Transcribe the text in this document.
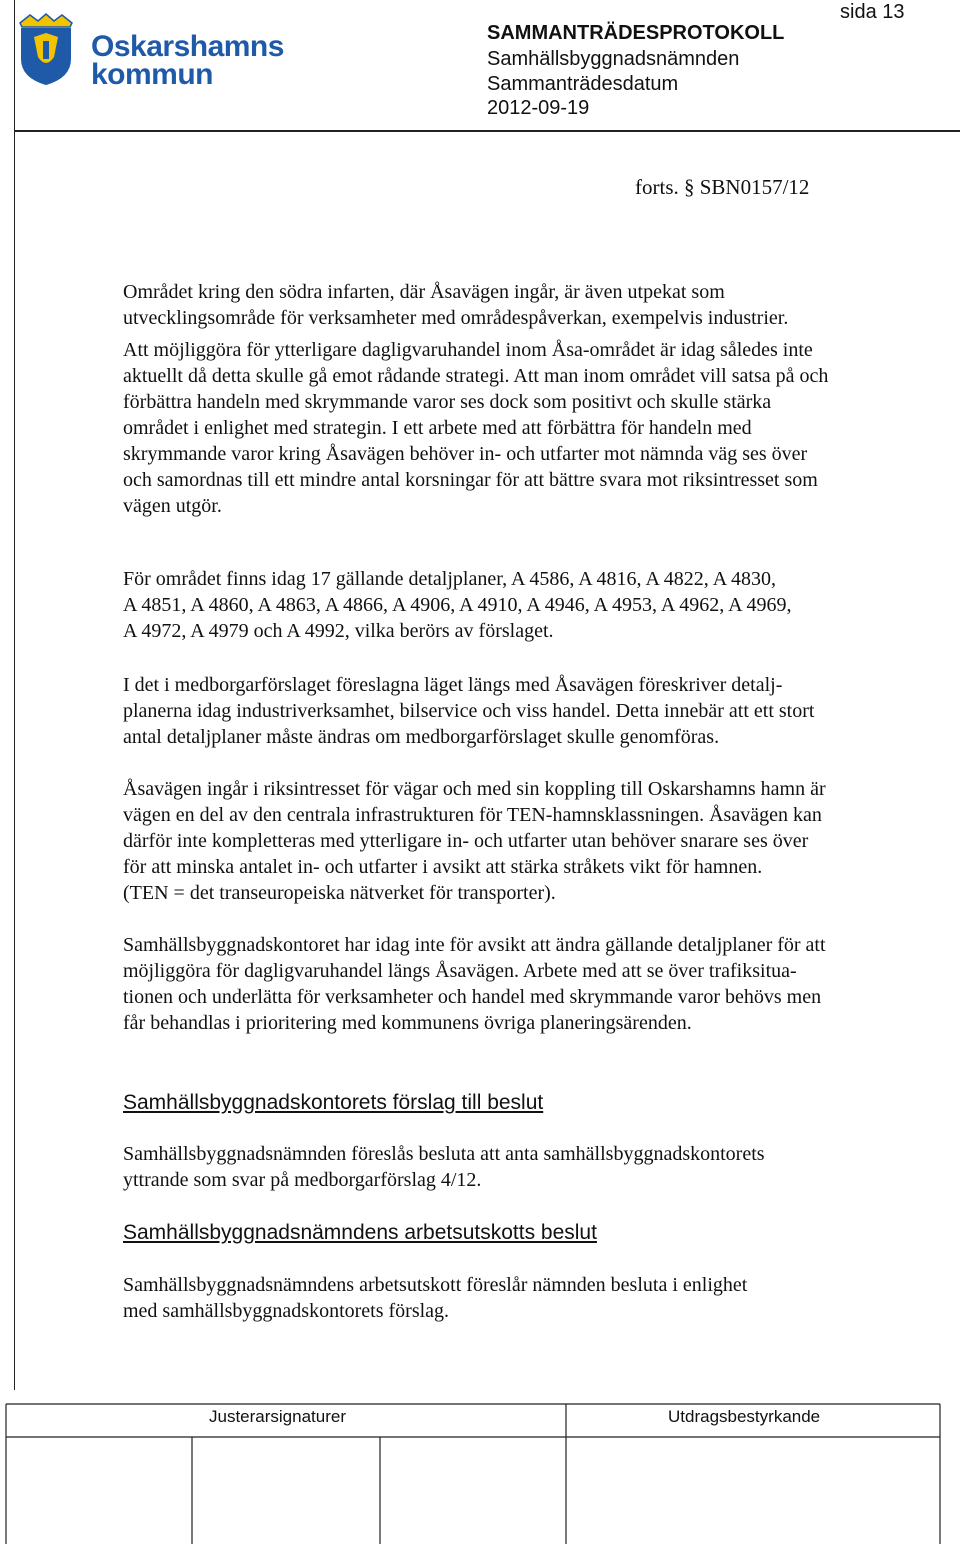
Oskarshamns
kommun
SAMMANTRÄDESPROTOKOLL
Samhällsbyggnadsnämnden
Sammanträdesdatum
2012-09-19
sida 13
forts. § SBN0157/12
Området kring den södra infarten, där Åsavägen ingår, är även utpekat som
utvecklingsområde för verksamheter med områdespåverkan, exempelvis industrier.
Att möjliggöra för ytterligare dagligvaruhandel inom Åsa-området är idag således inte
aktuellt då detta skulle gå emot rådande strategi. Att man inom området vill satsa på och
förbättra handeln med skrymmande varor ses dock som positivt och skulle stärka
området i enlighet med strategin. I ett arbete med att förbättra för handeln med
skrymmande varor kring Åsavägen behöver in- och utfarter mot nämnda väg ses över
och samordnas till ett mindre antal korsningar för att bättre svara mot riksintresset som
vägen utgör.
För området finns idag 17 gällande detaljplaner, A 4586, A 4816, A 4822, A 4830,
A 4851, A 4860, A 4863, A 4866, A 4906, A 4910, A 4946, A 4953, A 4962, A 4969,
A 4972, A 4979 och A 4992, vilka berörs av förslaget.
I det i medborgarförslaget föreslagna läget längs med Åsavägen föreskriver detalj-
planerna idag industriverksamhet, bilservice och viss handel. Detta innebär att ett stort
antal detaljplaner måste ändras om medborgarförslaget skulle genomföras.
Åsavägen ingår i riksintresset för vägar och med sin koppling till Oskarshamns hamn är
vägen en del av den centrala infrastrukturen för TEN-hamnsklassningen. Åsavägen kan
därför inte kompletteras med ytterligare in- och utfarter utan behöver snarare ses över
för att minska antalet in- och utfarter i avsikt att stärka stråkets vikt för hamnen.
(TEN = det transeuropeiska nätverket för transporter).
Samhällsbyggnadskontoret har idag inte för avsikt att ändra gällande detaljplaner för att
möjliggöra för dagligvaruhandel längs Åsavägen. Arbete med att se över trafiksitua-
tionen och underlätta för verksamheter och handel med skrymmande varor behövs men
får behandlas i prioritering med kommunens övriga planeringsärenden.
Samhällsbyggnadskontorets förslag till beslut
Samhällsbyggnadsnämnden föreslås besluta att anta samhällsbyggnadskontorets
yttrande som svar på medborgarförslag 4/12.
Samhällsbyggnadsnämndens arbetsutskotts beslut
Samhällsbyggnadsnämndens arbetsutskott föreslår nämnden besluta i enlighet
med samhällsbyggnadskontorets förslag.
Justerarsignaturer	Utdragsbestyrkande
